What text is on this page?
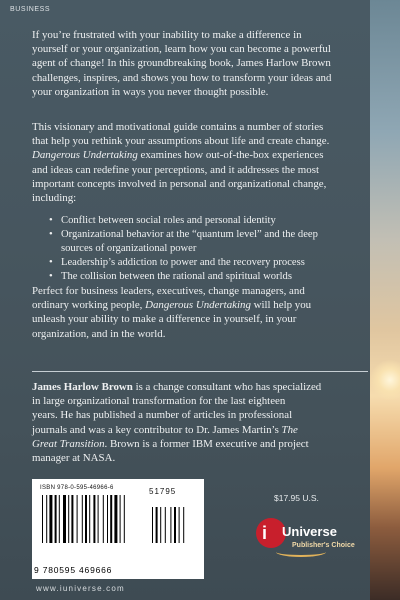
BUSINESS

If you’re frustrated with your inability to make a difference in

yourself or your organization, learn how you can become a powerful

agent of change! In this groundbreaking book, James Harlow Brown

challenges, inspires, and shows you how to transform your ideas and

your organization in ways you never thought possible.

This visionary and motivational guide contains a number of stories

that help you rethink your assumptions about life and create change.

Dangerous Undertaking examines how out-of-the-box experiences

and ideas can redefine your perceptions, and it addresses the most

important concepts involved in personal and organizational change,

including:

• Conflict between social roles and personal identity
• Organizational behavior at the “quantum level” and the deep
sources of organizational power
• Leadership’s addiction to power and the recovery process
• The collision between the rational and spiritual worlds

Perfect for business leaders, executives, change managers, and

ordinary working people, Dangerous Undertaking will help you

unleash your ability to make a difference in yourself, in your

organization, and in the world.

James Harlow Brown is a change consultant who has specialized

in large organizational transformation for the last eighteen

years. He has published a number of articles in professional

journals and was a key contributor to Dr. James Martin’s The

Great Transition. Brown is a former IBM executive and project

manager at NASA.

ISBN 978-0-595-46966-6
9 780595 469666
51795
$17.95 U.S.
i Universe
Publisher's Choice
www.iuniverse.com
